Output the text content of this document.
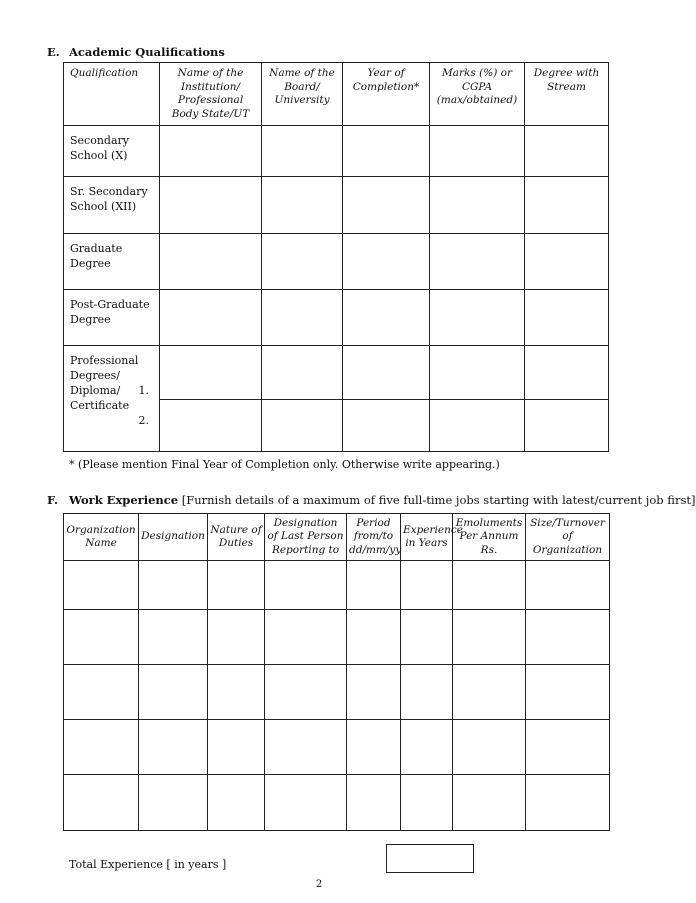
E. Academic Qualifications
Qualification	Name of the Institution/ Professional Body State/UT	Name of the Board/ University	Year of Completion*	Marks (%) or CGPA (max/obtained)	Degree with Stream
Secondary School (X)					
Sr. Secondary School (XII)					
Graduate Degree					
Post-Graduate Degree					

Professional Degrees/ Diploma/ Certificate
1.
2.					

* (Please mention Final Year of Completion only. Otherwise write appearing.)
F. Work Experience [Furnish details of a maximum of five full-time jobs starting with latest/current job first]
Organization Name	Designation	Nature of Duties	Designation of Last Person Reporting to	Period from/to dd/mm/yy	Experience in Years	Emoluments Per Annum Rs.	Size/Turnover of Organization

Total Experience [ in years ]
2
